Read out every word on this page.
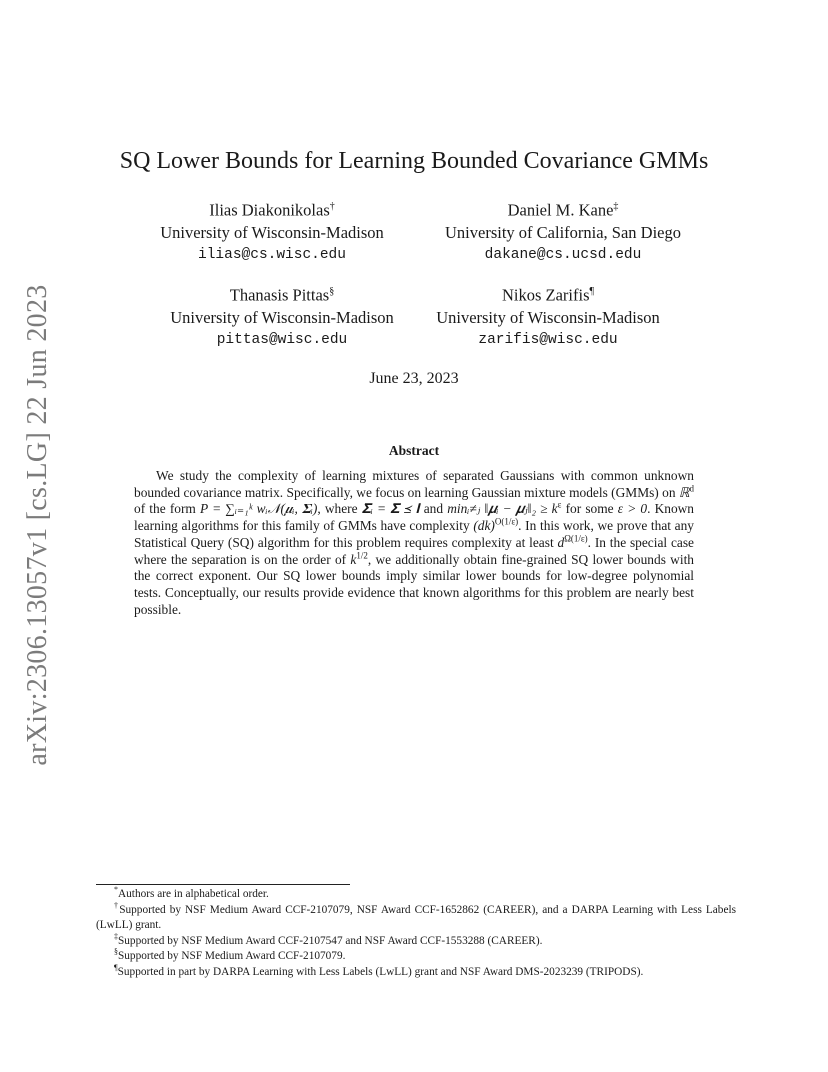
arXiv:2306.13057v1 [cs.LG] 22 Jun 2023
SQ Lower Bounds for Learning Bounded Covariance GMMs
Ilias Diakonikolas†
University of Wisconsin-Madison
ilias@cs.wisc.edu
Daniel M. Kane‡
University of California, San Diego
dakane@cs.ucsd.edu
Thanasis Pittas§
University of Wisconsin-Madison
pittas@wisc.edu
Nikos Zarifis¶
University of Wisconsin-Madison
zarifis@wisc.edu
June 23, 2023
Abstract
We study the complexity of learning mixtures of separated Gaussians with common unknown bounded covariance matrix. Specifically, we focus on learning Gaussian mixture models (GMMs) on ℝ$^d$ of the form P = ∑ᵢ₌₁ᵏ wᵢ𝒩(𝝁ᵢ, 𝚺ᵢ), where 𝚺ᵢ = 𝚺 ⪯ 𝐈 and minᵢ≠ⱼ ‖𝝁ᵢ − 𝝁ⱼ‖₂ ≥ $k^\varepsilon$ for some ε > 0. Known learning algorithms for this family of GMMs have complexity (dk)$^{O(1/\varepsilon)}$. In this work, we prove that any Statistical Query (SQ) algorithm for this problem requires complexity at least $d^{\Omega(1/\varepsilon)}$. In the special case where the separation is on the order of $k^{1/2}$, we additionally obtain fine-grained SQ lower bounds with the correct exponent. Our SQ lower bounds imply similar lower bounds for low-degree polynomial tests. Conceptually, our results provide evidence that known algorithms for this problem are nearly best possible.
*Authors are in alphabetical order.
†Supported by NSF Medium Award CCF-2107079, NSF Award CCF-1652862 (CAREER), and a DARPA Learning with Less Labels (LwLL) grant.
‡Supported by NSF Medium Award CCF-2107547 and NSF Award CCF-1553288 (CAREER).
§Supported by NSF Medium Award CCF-2107079.
¶Supported in part by DARPA Learning with Less Labels (LwLL) grant and NSF Award DMS-2023239 (TRIPODS).
